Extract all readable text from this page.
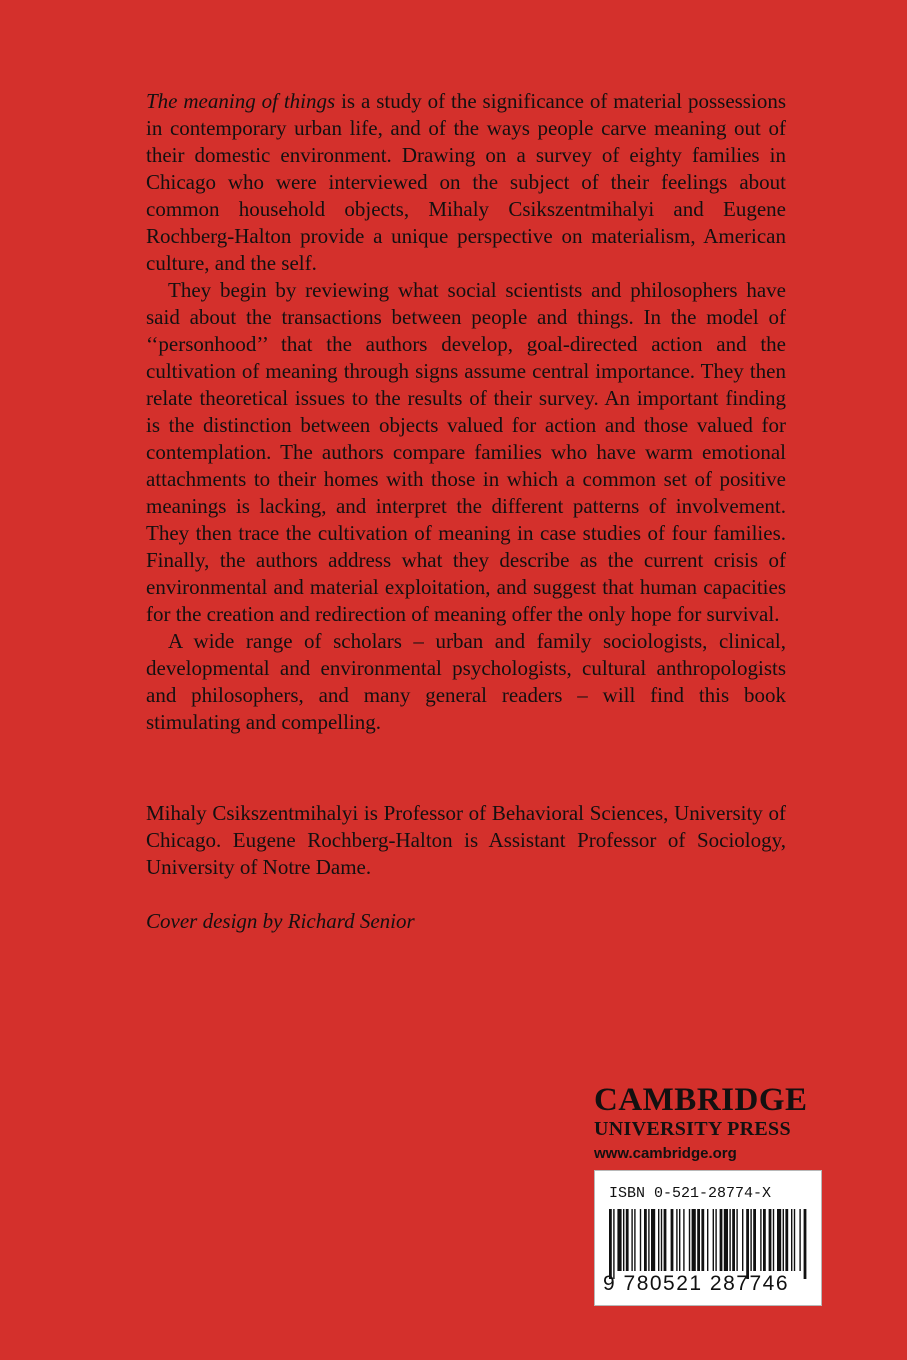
The meaning of things is a study of the significance of material possessions in contemporary urban life, and of the ways people carve meaning out of their domestic environment. Drawing on a survey of eighty families in Chicago who were interviewed on the subject of their feelings about common household objects, Mihaly Csikszentmihalyi and Eugene Rochberg-Halton provide a unique perspective on materialism, American culture, and the self.

They begin by reviewing what social scientists and philosophers have said about the transactions between people and things. In the model of ‘‘personhood’’ that the authors develop, goal-directed action and the cultivation of meaning through signs assume central importance. They then relate theoretical issues to the results of their survey. An important finding is the distinction between objects valued for action and those valued for contemplation. The authors compare families who have warm emotional attachments to their homes with those in which a common set of positive meanings is lacking, and interpret the different patterns of involvement. They then trace the cultivation of meaning in case studies of four families. Finally, the authors address what they describe as the current crisis of environmental and material exploitation, and suggest that human capacities for the creation and redirection of meaning offer the only hope for survival.

A wide range of scholars – urban and family sociologists, clinical, developmental and environmental psychologists, cultural anthropologists and philosophers, and many general readers – will find this book stimulating and compelling.

Mihaly Csikszentmihalyi is Professor of Behavioral Sciences, University of Chicago. Eugene Rochberg-Halton is Assistant Professor of Sociology, University of Notre Dame.
Cover design by Richard Senior
CAMBRIDGE
UNIVERSITY PRESS
www.cambridge.org
ISBN 0-521-28774-X
9 780521 287746
